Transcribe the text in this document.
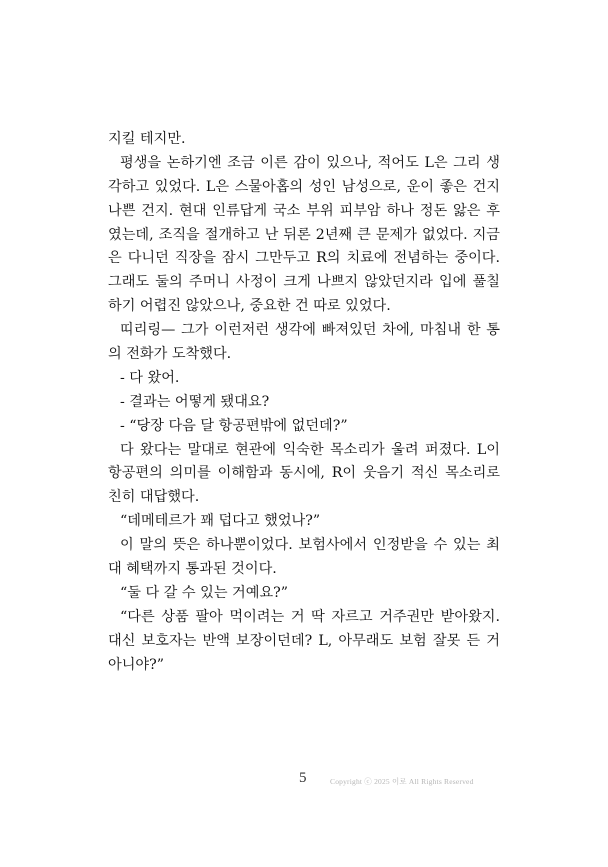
지킬 테지만.
평생을 논하기엔 조금 이른 감이 있으나, 적어도 L은 그리 생
각하고 있었다. L은 스물아홉의 성인 남성으로, 운이 좋은 건지
나쁜 건지. 현대 인류답게 국소 부위 피부암 하나 정돈 앓은 후
였는데, 조직을 절개하고 난 뒤론 2년째 큰 문제가 없었다. 지금
은 다니던 직장을 잠시 그만두고 R의 치료에 전념하는 중이다.
그래도 둘의 주머니 사정이 크게 나쁘지 않았던지라 입에 풀칠
하기 어렵진 않았으나, 중요한 건 따로 있었다.
띠리링— 그가 이런저런 생각에 빠져있던 차에, 마침내 한 통
의 전화가 도착했다.
- 다 왔어.
- 결과는 어떻게 됐대요?
- “당장 다음 달 항공편밖에 없던데?”
다 왔다는 말대로 현관에 익숙한 목소리가 울려 퍼졌다. L이
항공편의 의미를 이해함과 동시에, R이 웃음기 적신 목소리로
친히 대답했다.
“데메테르가 꽤 덥다고 했었나?”
이 말의 뜻은 하나뿐이었다. 보험사에서 인정받을 수 있는 최
대 혜택까지 통과된 것이다.
“둘 다 갈 수 있는 거예요?”
“다른 상품 팔아 먹이려는 거 딱 자르고 거주권만 받아왔지.
대신 보호자는 반액 보장이던데? L, 아무래도 보험 잘못 든 거
아니야?”
5	Copyright ⓒ 2025 이로 All Rights Reserved
